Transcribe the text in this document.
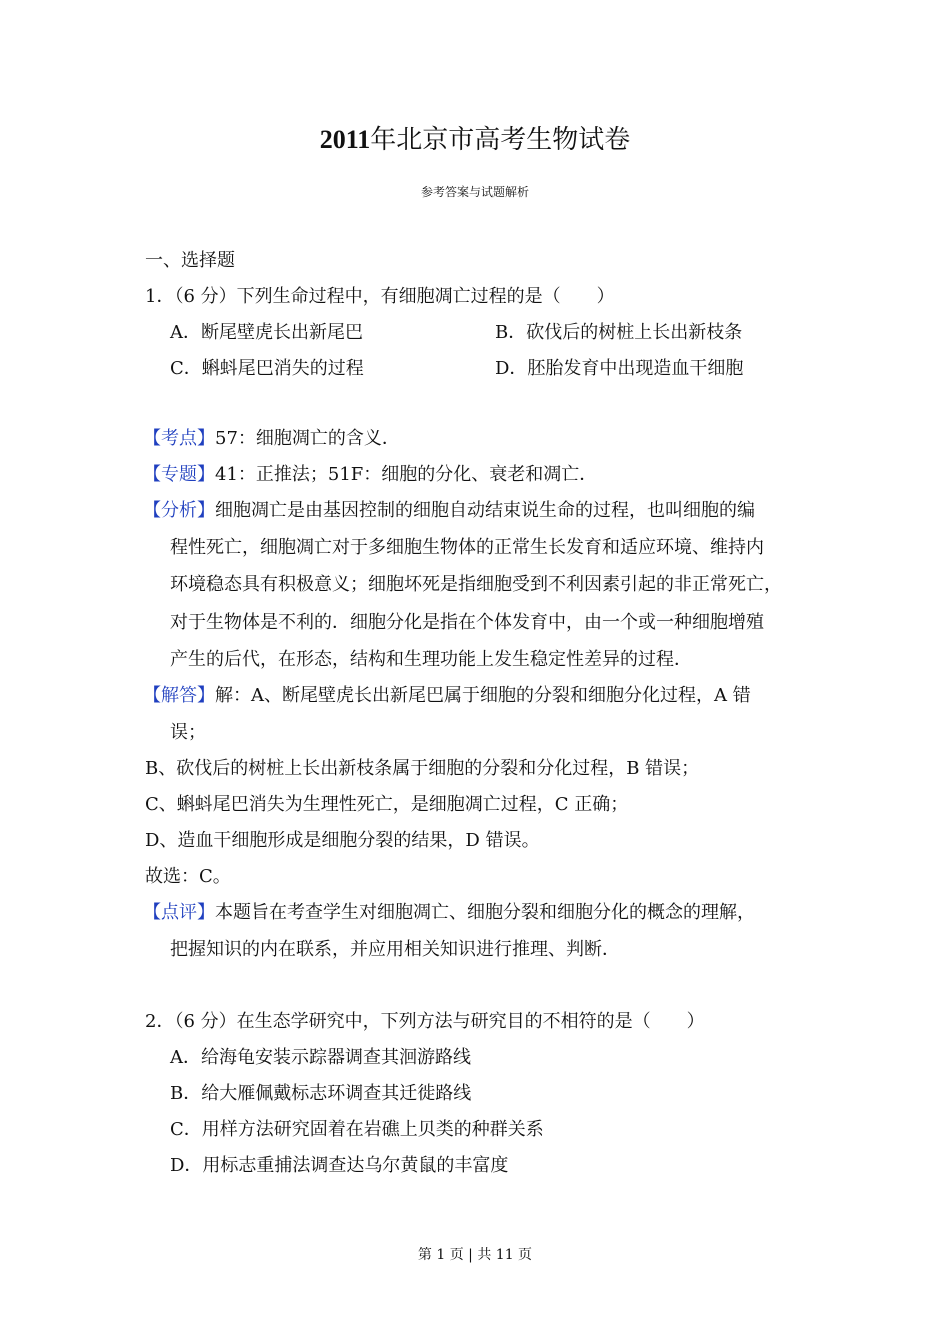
2011年北京市高考生物试卷
参考答案与试题解析
一、选择题
1．（6 分）下列生命过程中，有细胞凋亡过程的是（　　）
A．断尾壁虎长出新尾巴	B．砍伐后的树桩上长出新枝条
C．蝌蚪尾巴消失的过程	D．胚胎发育中出现造血干细胞
【考点】57：细胞凋亡的含义．
【专题】41：正推法；51F：细胞的分化、衰老和凋亡．
【分析】细胞凋亡是由基因控制的细胞自动结束说生命的过程，也叫细胞的编
程性死亡，细胞凋亡对于多细胞生物体的正常生长发育和适应环境、维持内
环境稳态具有积极意义；细胞坏死是指细胞受到不利因素引起的非正常死亡，
对于生物体是不利的．细胞分化是指在个体发育中，由一个或一种细胞增殖
产生的后代，在形态，结构和生理功能上发生稳定性差异的过程．
【解答】解：A、断尾壁虎长出新尾巴属于细胞的分裂和细胞分化过程，A 错
误；
B、砍伐后的树桩上长出新枝条属于细胞的分裂和分化过程，B 错误；
C、蝌蚪尾巴消失为生理性死亡，是细胞凋亡过程，C 正确；
D、造血干细胞形成是细胞分裂的结果，D 错误。
故选：C。
【点评】本题旨在考查学生对细胞凋亡、细胞分裂和细胞分化的概念的理解，
把握知识的内在联系，并应用相关知识进行推理、判断．
2．（6 分）在生态学研究中，下列方法与研究目的不相符的是（　　）
A．给海龟安装示踪器调查其洄游路线
B．给大雁佩戴标志环调查其迁徙路线
C．用样方法研究固着在岩礁上贝类的种群关系
D．用标志重捕法调查达乌尔黄鼠的丰富度
第 1 页 | 共 11 页
